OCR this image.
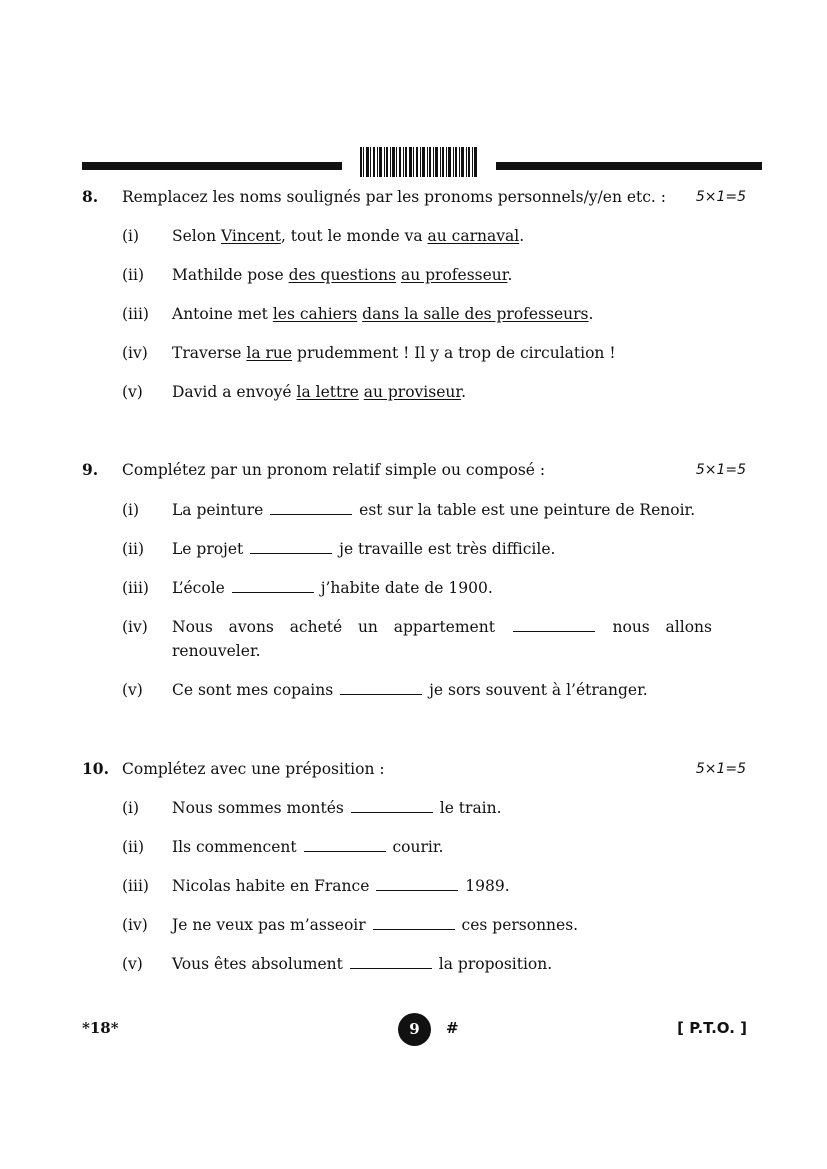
8. Remplacez les noms soulignés par les pronoms personnels/y/en etc. : 5×1=5
(i) Selon Vincent, tout le monde va au carnaval.
(ii) Mathilde pose des questions au professeur.
(iii) Antoine met les cahiers dans la salle des professeurs.
(iv) Traverse la rue prudemment ! Il y a trop de circulation !
(v) David a envoyé la lettre au proviseur.
9. Complétez par un pronom relatif simple ou composé :	5×1=5
(i) La peinture	est sur la table est une peinture de Renoir.
(ii) Le projet	je travaille est très difficile.
(iii) L’école	j’habite date de 1900.
(iv) Nous avons acheté un appartement	nous allons
renouveler.
(v) Ce sont mes copains	je sors souvent à l’étranger.
10. Complétez avec une préposition :	5×1=5
(i) Nous sommes montés	le train.
(ii) Ils commencent	courir.
(iii) Nicolas habite en France	1989.
(iv) Je ne veux pas m’asseoir	ces personnes.
(v) Vous êtes absolument	la proposition.
*18*	9	#	[ P.T.O. ]
